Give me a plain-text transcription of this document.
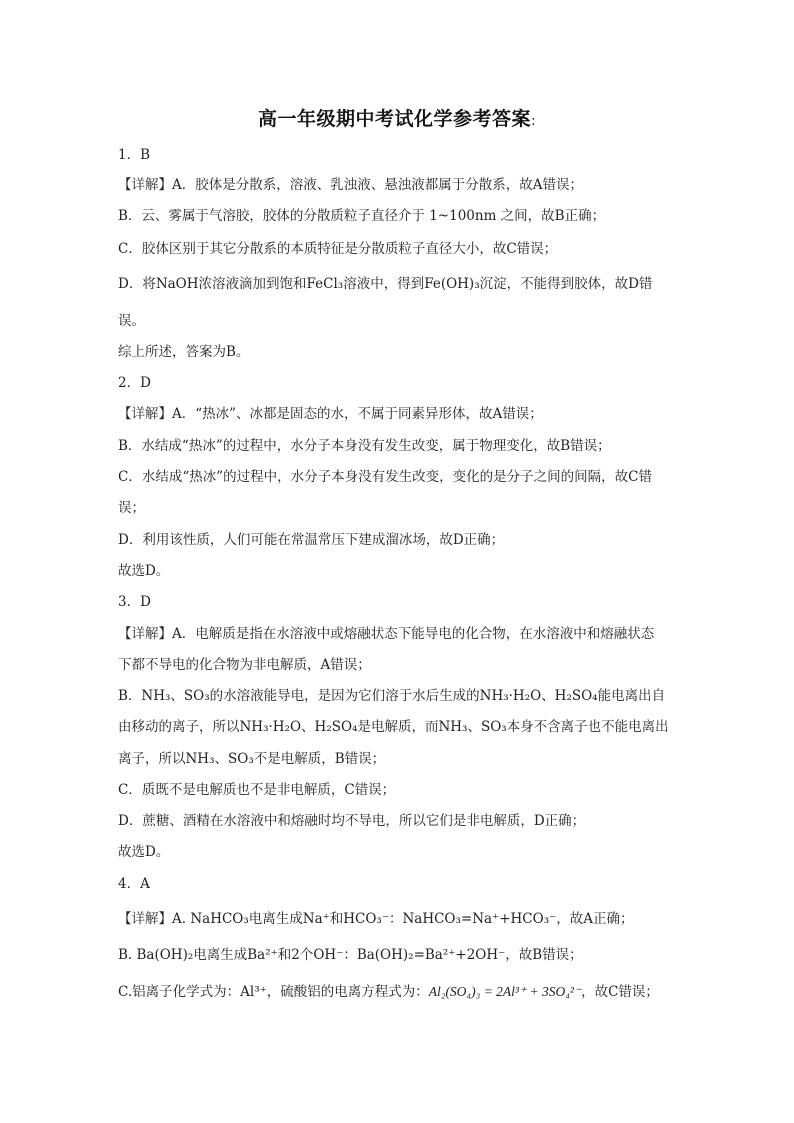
高一年级期中考试化学参考答案:
1．B
【详解】A．胶体是分散系，溶液、乳浊液、悬浊液都属于分散系，故A错误；
B．云、雾属于气溶胶，胶体的分散质粒子直径介于 1~100nm 之间，故B正确；
C．胶体区别于其它分散系的本质特征是分散质粒子直径大小，故C错误；
D．将NaOH浓溶液滴加到饱和FeCl₃溶液中，得到Fe(OH)₃沉淀，不能得到胶体，故D错
误。
综上所述，答案为B。
2．D
【详解】A．“热冰”、冰都是固态的水，不属于同素异形体，故A错误；
B．水结成“热冰”的过程中，水分子本身没有发生改变，属于物理变化，故B错误；
C．水结成“热冰”的过程中，水分子本身没有发生改变，变化的是分子之间的间隔，故C错
误；
D．利用该性质，人们可能在常温常压下建成溜冰场，故D正确；
故选D。
3．D
【详解】A．电解质是指在水溶液中或熔融状态下能导电的化合物，在水溶液中和熔融状态
下都不导电的化合物为非电解质，A错误；
B．NH₃、SO₃的水溶液能导电，是因为它们溶于水后生成的NH₃·H₂O、H₂SO₄能电离出自
由移动的离子，所以NH₃·H₂O、H₂SO₄是电解质，而NH₃、SO₃本身不含离子也不能电离出
离子，所以NH₃、SO₃不是电解质，B错误；
C．质既不是电解质也不是非电解质，C错误；
D．蔗糖、酒精在水溶液中和熔融时均不导电，所以它们是非电解质，D正确；
故选D。
4．A
【详解】A. NaHCO₃电离生成Na⁺和HCO₃⁻：NaHCO₃=Na⁺+HCO₃⁻，故A正确；
B. Ba(OH)₂电离生成Ba²⁺和2个OH⁻：Ba(OH)₂=Ba²⁺+2OH⁻，故B错误；
C.铝离子化学式为：Al³⁺，硫酸铝的电离方程式为：Al₂(SO₄)₃ = 2Al³⁺ + 3SO₄²⁻，故C错误；
